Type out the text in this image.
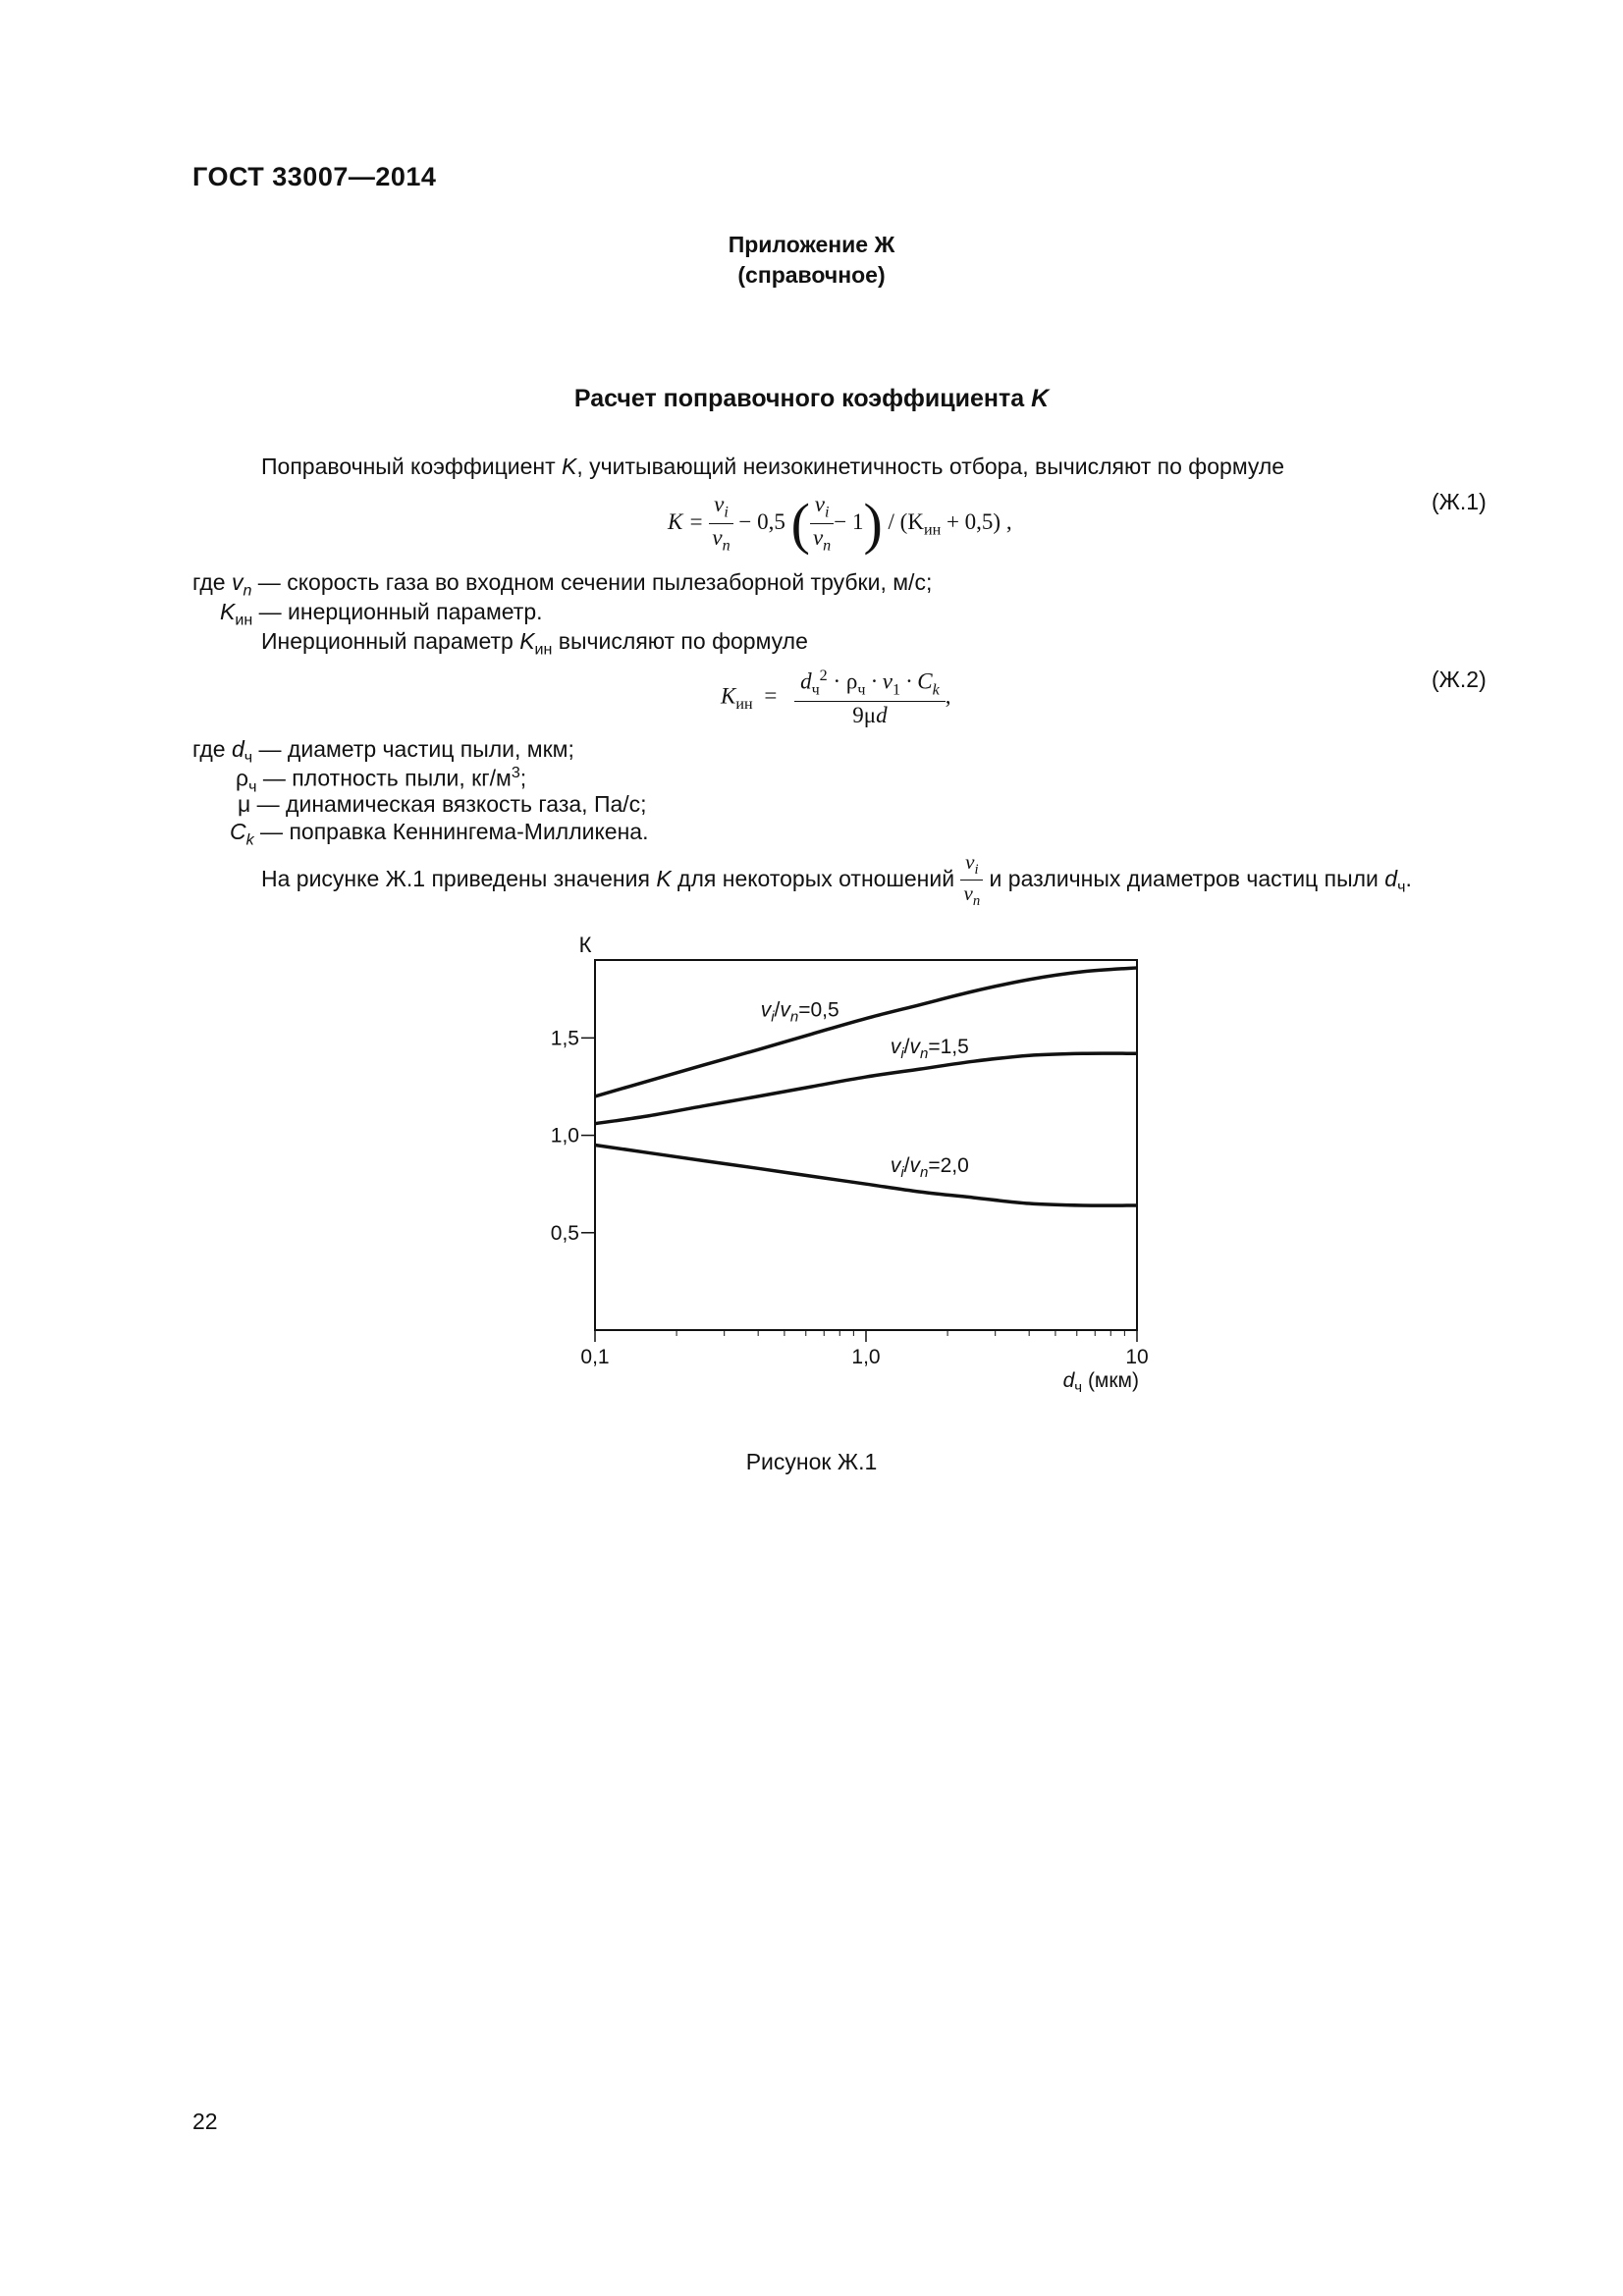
ГОСТ 33007—2014
Приложение Ж
(справочное)
Расчет поправочного коэффициента K
Поправочный коэффициент K, учитывающий неизокинетичность отбора, вычисляют по формуле
$K = \frac{v_i}{v_n} - 0,5$ ( $\frac{v_i}{v_n} - 1) / (K_{ин} + 0,5)$ ,
(Ж.1)
где $v_n$ — скорость газа во входном сечении пылезаборной трубки, м/с;
$K_{ин}$ — инерционный параметр.
Инерционный параметр $K_{ин}$ вычисляют по формуле
$K_{ин} = \frac{d_ч^2 \cdot \rho_ч \cdot v_1 \cdot C_k}{9\mu d}$ ,
(Ж.2)
где $d_ч$ — диаметр частиц пыли, мкм;
$\rho_ч$ — плотность пыли, $кг/м^3$;
μ — динамическая вязкость газа, Па/с;
$C_k$ — поправка Кеннингема-Милликена.
На рисунке Ж.1 приведены значения K для некоторых отношений $\frac{v_i}{v_n}$ и различных диаметров частиц пыли $d_ч$.
0,5
1,0
1,5
0,1	1,0	10
К
$d_ч$ (мкм)
$v_i/v_n=0,5$
$v_i/v_n=1,5$
$v_i/v_n=2,0$
Рисунок Ж.1
22
